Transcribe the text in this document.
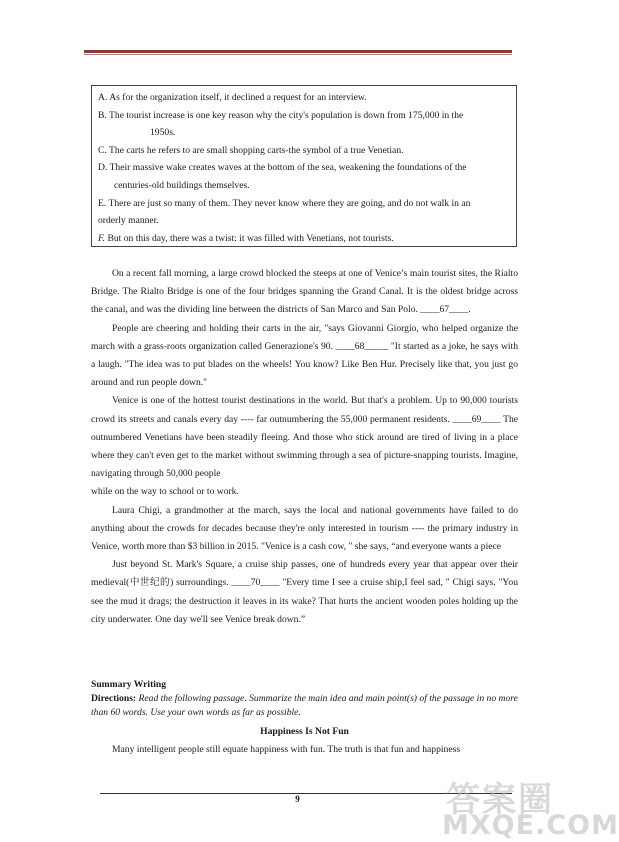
A. As for the organization itself, it declined a request for an interview.
B. The tourist increase is one key reason why the city's population is down from 175,000 in the
1950s.
C. The carts he refers to are small shopping carts-the symbol of a true Venetian.
D. Their massive wake creates waves at the bottom of the sea, weakening the foundations of the
centuries-old buildings themselves.
E. There are just so many of them. They never know where they are going, and do not walk in an
orderly manner.
F. But on this day, there was a twist: it was filled with Venetians, not tourists.

On a recent fall morning, a large crowd blocked the steeps at one of Venice’s main tourist sites, the Rialto Bridge. The Rialto Bridge is one of the four bridges spanning the Grand Canal. It is the oldest bridge across the canal, and was the dividing line between the districts of San Marco and San Polo. ____67____.

People are cheering and holding their carts in the air, "says Giovanni Giorgio, who helped organize the march with a grass-roots organization called Generazione's 90. ____68_____ "It started as a joke, he says with a laugh. "The idea was to put blades on the wheels! You know? Like Ben Hur. Precisely like that, you just go around and run people down."

Venice is one of the hottest tourist destinations in the world. But that's a problem. Up to 90,000 tourists crowd its streets and canals every day ---- far outnumbering the 55,000 permanent residents. ____69____ The outnumbered Venetians have been steadily fleeing. And those who stick around are tired of living in a place where they can't even get to the market without swimming through a sea of picture-snapping tourists. Imagine, navigating through 50,000 people

while on the way to school or to work.

Laura Chigi, a grandmother at the march, says the local and national governments have failed to do anything about the crowds for decades because they're only interested in tourism ---- the primary industry in Venice, worth more than $3 billion in 2015. "Venice is a cash cow, " she says, “and everyone wants a piece

Just beyond St. Mark's Square, a cruise ship passes, one of hundreds every year that appear over their medieval(中世纪的) surroundings. ____70____ "Every time I see a cruise ship,I feel sad, " Chigi says. "You see the mud it drags; the destruction it leaves in its wake? That hurts the ancient wooden poles holding up the city underwater. One day we'll see Venice break down.”

Summary Writing
Directions: Read the following passage. Summarize the main idea and main point(s) of the passage in no more than 60 words. Use your own words as far as possible.
Happiness Is Not Fun
Many intelligent people still equate happiness with fun. The truth is that fun and happiness
9	答案圈
MXQE.COM
